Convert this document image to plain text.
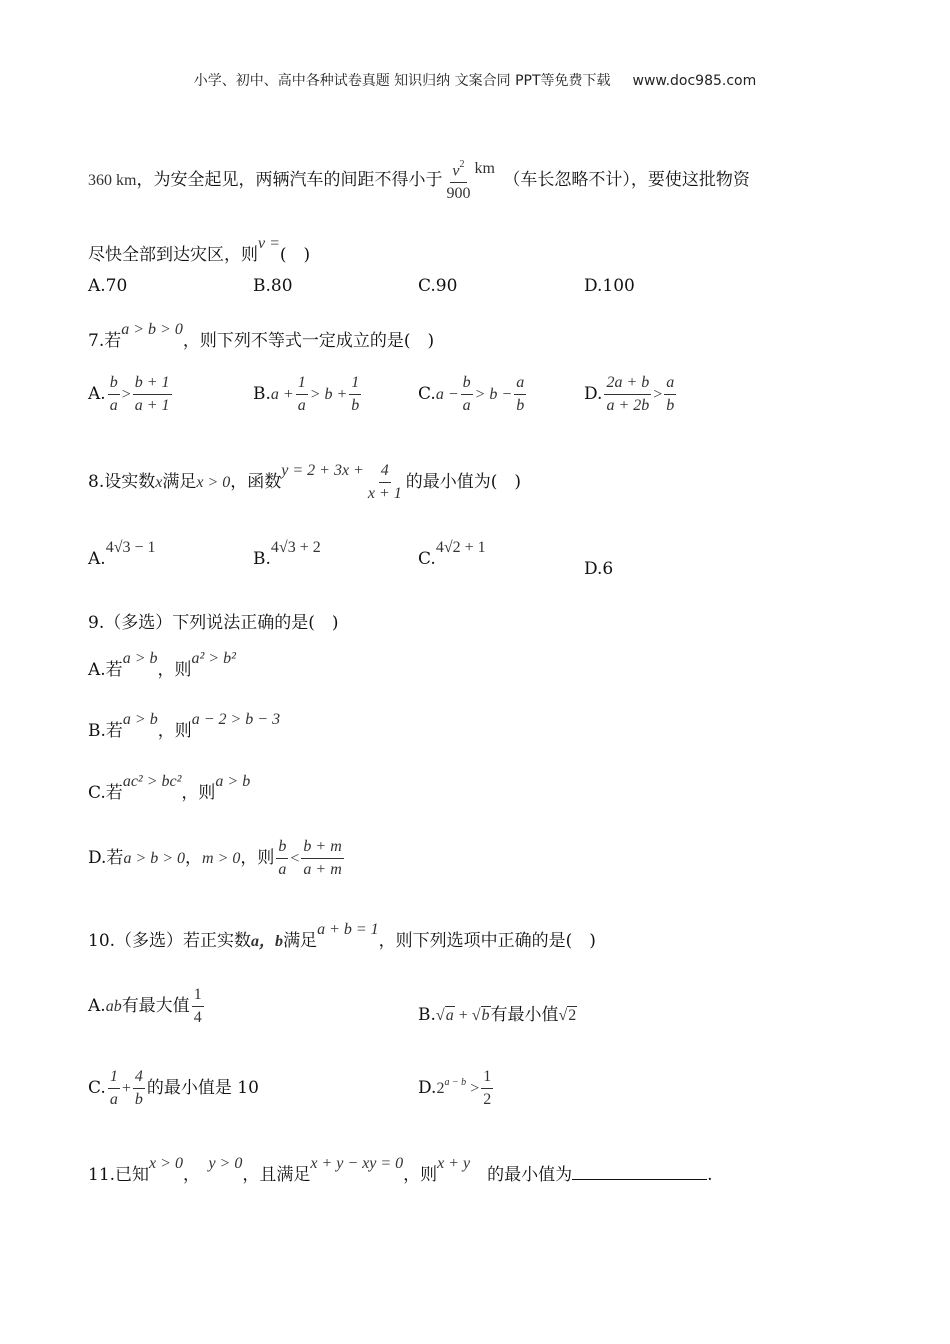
小学、初中、高中各种试卷真题 知识归纳 文案合同 PPT等免费下载 www.doc985.com
360 km，为安全起见，两辆汽车的间距不得小于 $\frac{v^2}{900}$ km　（车长忽略不计），要使这批物资
尽快全部到达灾区，则v =(　)
A.70	B.80	C.90	D.100
7.若a > b > 0，则下列不等式一定成立的是(　)
A. $\frac{b}{a} > \frac{b + 1}{a + 1}$	$B.a + \frac{1}{a} > b + \frac{1}{b}$	$C.a - \frac{b}{a} > b - \frac{a}{b}$	D. $\frac{2a + b}{a + 2b} > \frac{a}{b}$
8.设实数x满足x > 0，函数$y = 2 + 3x + \frac{4}{x + 1}$ 的最小值为(　)
A.4√3 − 1
B.4√3 + 2
C.4√2 + 1
D.6
9.（多选）下列说法正确的是(　)
A.若a > b，则a² > b²
B.若a > b，则a − 2 > b − 3
C.若ac² > bc²，则a > b
D.若a > b > 0，m > 0，则 $\frac{b}{a} < \frac{b + m}{a + m}$
10.（多选）若正实数a，b满足a + b = 1，则下列选项中正确的是(　)
A.ab有最大值 $\frac{1}{4}$	B.√a + √b有最小值√2
C. $\frac{1}{a} + \frac{4}{b}$ 的最小值是 10	$D.2^{a - b} > \frac{1}{2}$
11.已知x > 0，　y > 0，且满足x + y − xy = 0，则x + y　的最小值为	.
